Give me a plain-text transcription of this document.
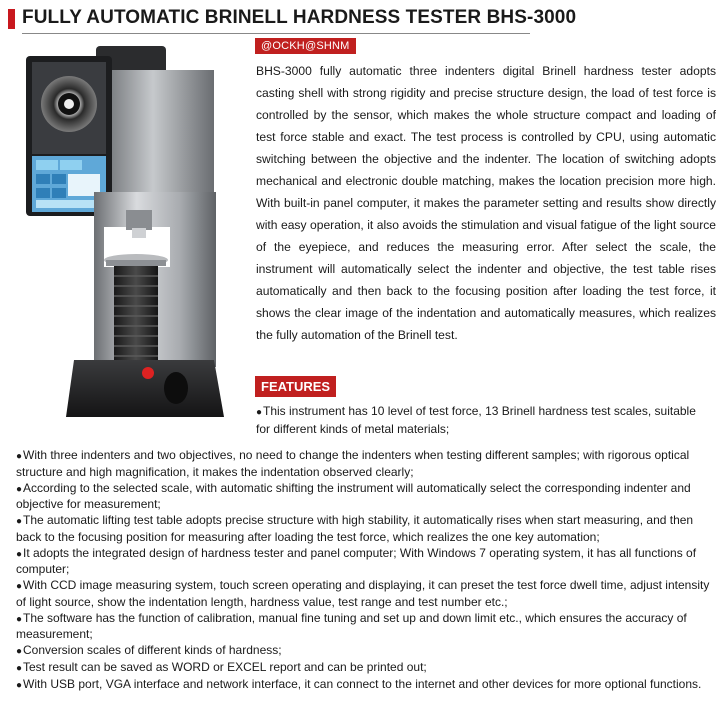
FULLY AUTOMATIC BRINELL HARDNESS TESTER BHS-3000
@OCKH@SHNM
BHS-3000 fully automatic three indenters digital Brinell hardness tester adopts casting shell with strong rigidity and precise structure design, the load of test force is controlled by the sensor, which makes the whole structure compact and loading of test force stable and exact. The test process is controlled by CPU, using automatic switching between the objective and the indenter. The location of switching adopts mechanical and electronic double matching, makes the location precision more high. With built-in panel computer, it makes the parameter setting and results show directly with easy operation, it also avoids the stimulation and visual fatigue of the light source of the eyepiece, and reduces the measuring error. After select the scale, the instrument will automatically select the indenter and objective, the test table rises automatically and then back to the focusing position after loading the test force, it shows the clear image of the indentation and automatically measures, which realizes the fully automation of the Brinell test.
FEATURES
●This instrument has 10 level of test force, 13 Brinell hardness test scales, suitable for different kinds of metal materials;
●With three indenters and two objectives, no need to change the indenters when testing different samples; with rigorous optical structure and high magnification, it makes the indentation observed clearly;
●According to the selected scale, with automatic shifting the instrument will automatically select the corresponding indenter and objective for measurement;
●The automatic lifting test table adopts precise structure with high stability, it automatically rises when start measuring, and then back to the focusing position for measuring after loading the test force, which realizes the one key automation;
●It adopts the integrated design of hardness tester and panel computer; With Windows 7 operating system, it has all functions of computer;
●With CCD image measuring system, touch screen operating and displaying, it can preset the test force dwell time, adjust intensity of light source, show the indentation length, hardness value, test range and test number etc.;
●The software has the function of calibration, manual fine tuning and set up and down limit etc., which ensures the accuracy of measurement;
●Conversion scales of different kinds of hardness;
●Test result can be saved as WORD or EXCEL report and can be printed out;
●With USB port, VGA interface and network interface, it can connect to the internet and other devices for more optional functions.
